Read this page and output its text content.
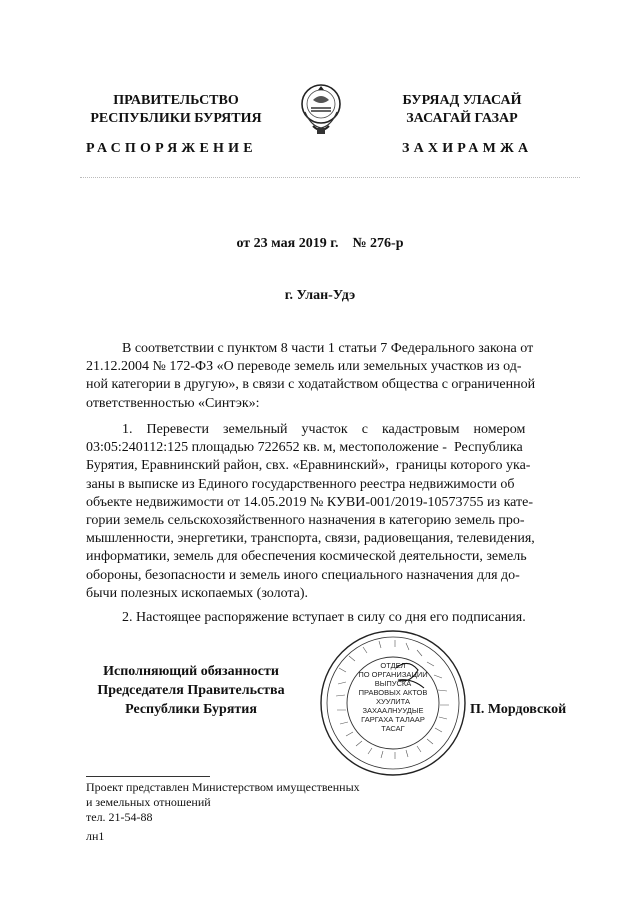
ПРАВИТЕЛЬСТВО
РЕСПУБЛИКИ БУРЯТИЯ
БУРЯАД УЛАСАЙ
ЗАСАГАЙ ГАЗАР
РАСПОРЯЖЕНИЕ	ЗАХИРАМЖА
от 23 мая 2019 г.    № 276-р
г. Улан-Удэ

В соответствии с пунктом 8 части 1 статьи 7 Федерального закона от

21.12.2004 № 172-ФЗ «О переводе земель или земельных участков из од-

ной категории в другую», в связи с ходатайством общества с ограниченной

ответственностью «Синтэк»:

1.    Перевести    земельный    участок    с    кадастровым    номером

03:05:240112:125 площадью 722652 кв. м, местоположение -  Республика

Бурятия, Еравнинский район, свх. «Еравнинский»,  границы которого ука-

заны в выписке из Единого государственного реестра недвижимости об

объекте недвижимости от 14.05.2019 № КУВИ-001/2019-10573755 из кате-

гории земель сельскохозяйственного назначения в категорию земель про-

мышленности, энергетики, транспорта, связи, радиовещания, телевидения,

информатики, земель для обеспечения космической деятельности, земель

обороны, безопасности и земель иного специального назначения для до-

бычи полезных ископаемых (золота).

2. Настоящее распоряжение вступает в силу со дня его подписания.

Исполняющий обязанности
Председателя Правительства
Республики Бурятия
ОТДЕЛ
ПО ОРГАНИЗАЦИИ
ВЫПУСКА
ПРАВОВЫХ АКТОВ
ХУУЛИТА
ЗАХААЛНУУДЫЕ
ГАРГАХА ТАЛААР
ТАСАГ
П. Мордовской
Проект представлен Министерством имущественных
и земельных отношений
тел. 21-54-88
лн1
